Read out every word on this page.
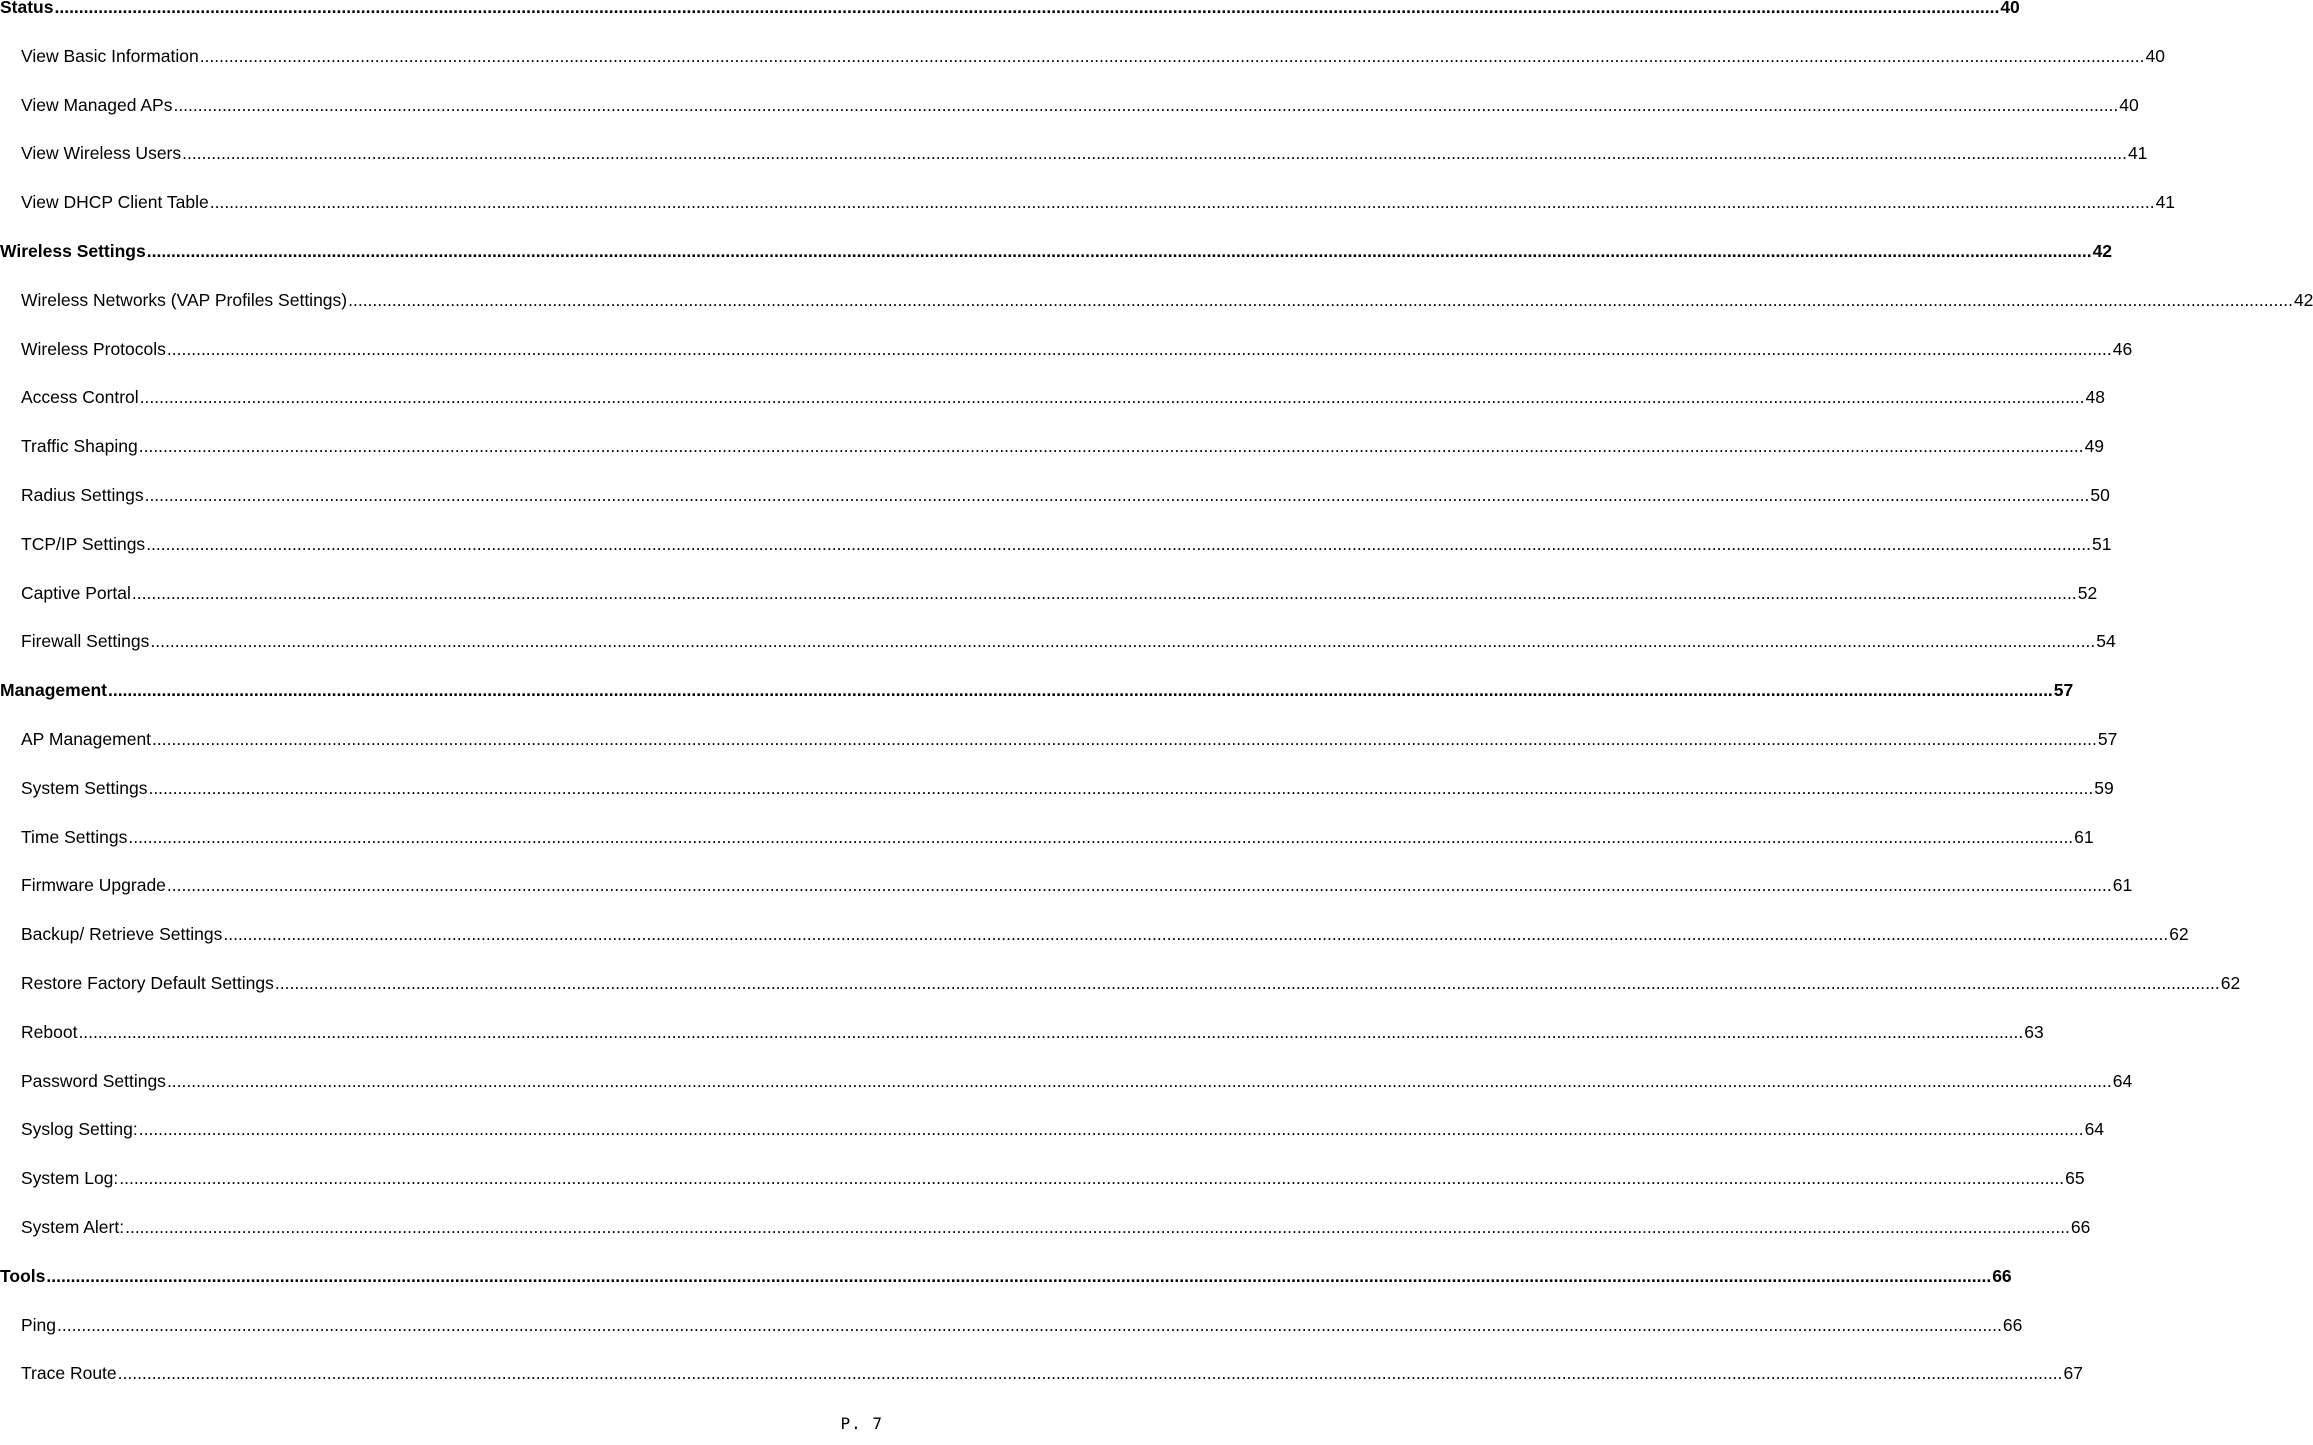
Status ................................................................................................................................................................................................................................................................................................................................................................................................................ 40
View Basic Information ................................................................................................................................................................................................................................................................................................................................................................................................................ 40
View Managed APs ................................................................................................................................................................................................................................................................................................................................................................................................................ 40
View Wireless Users ................................................................................................................................................................................................................................................................................................................................................................................................................ 41
View DHCP Client Table ................................................................................................................................................................................................................................................................................................................................................................................................................ 41
Wireless Settings ................................................................................................................................................................................................................................................................................................................................................................................................................ 42
Wireless Networks (VAP Profiles Settings) ................................................................................................................................................................................................................................................................................................................................................................................................................ 42
Wireless Protocols ................................................................................................................................................................................................................................................................................................................................................................................................................ 46
Access Control ................................................................................................................................................................................................................................................................................................................................................................................................................ 48
Traffic Shaping ................................................................................................................................................................................................................................................................................................................................................................................................................ 49
Radius Settings ................................................................................................................................................................................................................................................................................................................................................................................................................ 50
TCP/IP Settings ................................................................................................................................................................................................................................................................................................................................................................................................................ 51
Captive Portal ................................................................................................................................................................................................................................................................................................................................................................................................................ 52
Firewall Settings ................................................................................................................................................................................................................................................................................................................................................................................................................ 54
Management ................................................................................................................................................................................................................................................................................................................................................................................................................ 57
AP Management ................................................................................................................................................................................................................................................................................................................................................................................................................ 57
System Settings ................................................................................................................................................................................................................................................................................................................................................................................................................ 59
Time Settings ................................................................................................................................................................................................................................................................................................................................................................................................................ 61
Firmware Upgrade ................................................................................................................................................................................................................................................................................................................................................................................................................ 61
Backup/ Retrieve Settings ................................................................................................................................................................................................................................................................................................................................................................................................................ 62
Restore Factory Default Settings ................................................................................................................................................................................................................................................................................................................................................................................................................ 62
Reboot ................................................................................................................................................................................................................................................................................................................................................................................................................ 63
Password Settings ................................................................................................................................................................................................................................................................................................................................................................................................................ 64
Syslog Setting: ................................................................................................................................................................................................................................................................................................................................................................................................................ 64
System Log: ................................................................................................................................................................................................................................................................................................................................................................................................................ 65
System Alert: ................................................................................................................................................................................................................................................................................................................................................................................................................ 66
Tools ................................................................................................................................................................................................................................................................................................................................................................................................................ 66
Ping ................................................................................................................................................................................................................................................................................................................................................................................................................ 66
Trace Route ................................................................................................................................................................................................................................................................................................................................................................................................................ 67
P. 7
